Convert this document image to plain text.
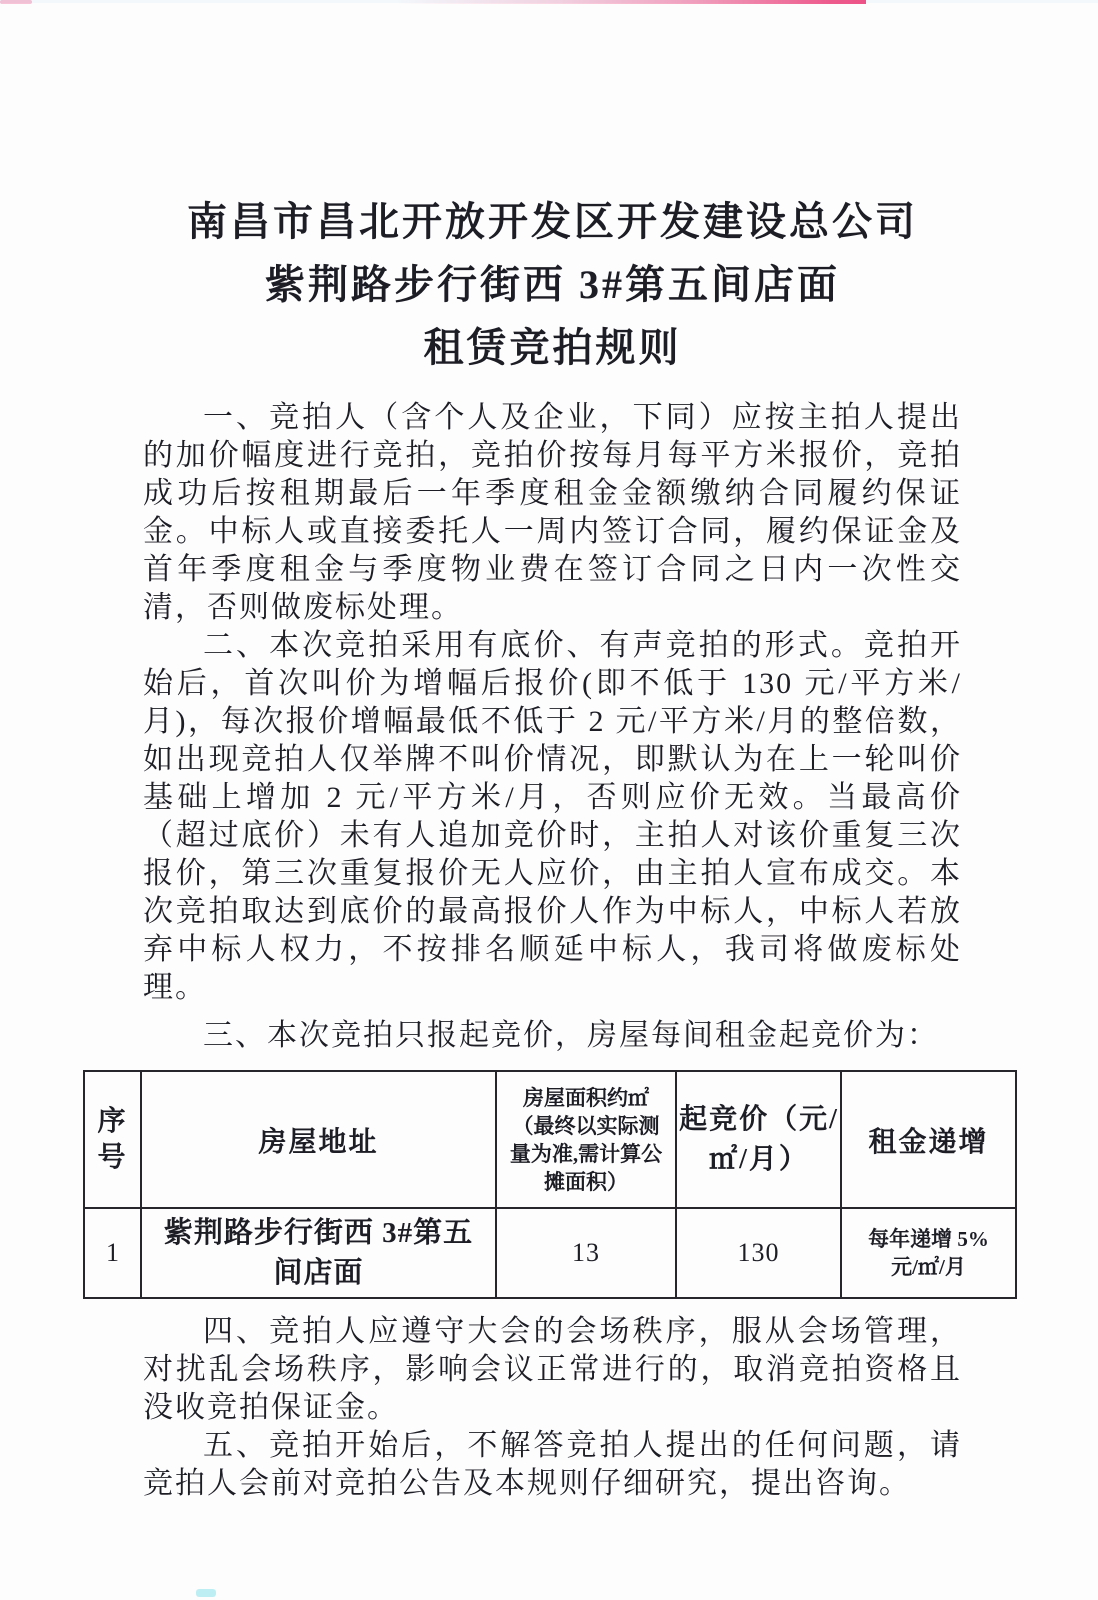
南昌市昌北开放开发区开发建设总公司
紫荆路步行街西 3#第五间店面
租赁竞拍规则

一、竞拍人（含个人及企业，下同）应按主拍人提出的加价幅度进行竞拍，竞拍价按每月每平方米报价，竞拍成功后按租期最后一年季度租金金额缴纳合同履约保证金。中标人或直接委托人一周内签订合同，履约保证金及首年季度租金与季度物业费在签订合同之日内一次性交清，否则做废标处理。

二、本次竞拍采用有底价、有声竞拍的形式。竞拍开始后，首次叫价为增幅后报价(即不低于 130 元/平方米/月)，每次报价增幅最低不低于 2 元/平方米/月的整倍数，如出现竞拍人仅举牌不叫价情况，即默认为在上一轮叫价基础上增加 2 元/平方米/月，否则应价无效。当最高价（超过底价）未有人追加竞价时，主拍人对该价重复三次报价，第三次重复报价无人应价，由主拍人宣布成交。本次竞拍取达到底价的最高报价人作为中标人，中标人若放弃中标人权力，不按排名顺延中标人，我司将做废标处理。

三、本次竞拍只报起竞价，房屋每间租金起竞价为：

序号	房屋地址	房屋面积约㎡（最终以实际测量为准,需计算公摊面积）	起竞价（元/㎡/月）	租金递增
1	紫荆路步行街西 3#第五间店面	13	130	每年递增 5%元/㎡/月

四、竞拍人应遵守大会的会场秩序，服从会场管理，对扰乱会场秩序，影响会议正常进行的，取消竞拍资格且没收竞拍保证金。

五、竞拍开始后，不解答竞拍人提出的任何问题，请竞拍人会前对竞拍公告及本规则仔细研究，提出咨询。
